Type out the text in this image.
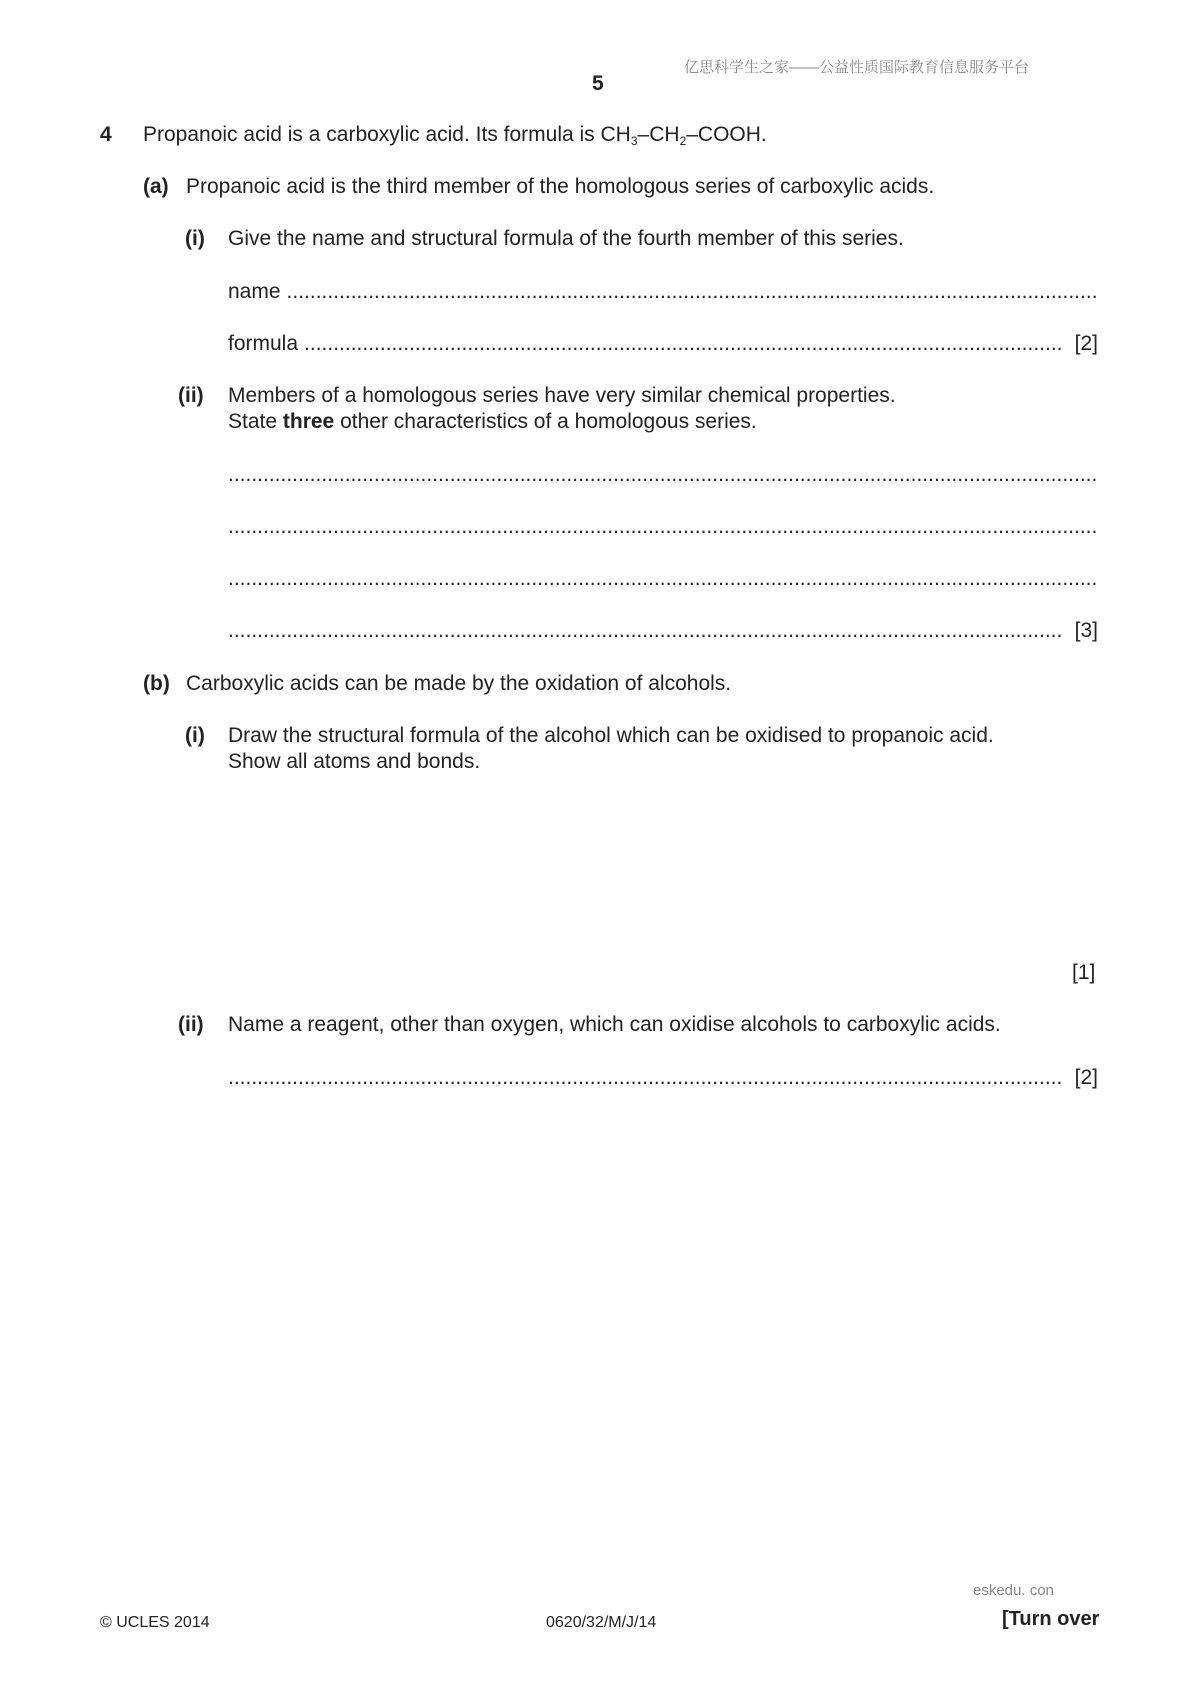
亿思科学生之家——公益性质国际教育信息服务平台
5
4 Propanoic acid is a carboxylic acid. Its formula is $CH_3-CH_2$–COOH.
(a) Propanoic acid is the third member of the homologous series of carboxylic acids.
(i) Give the name and structural formula of the fourth member of this series.
name
.....
formula
.....	[2]
(ii) Members of a homologous series have very similar chemical properties.
State three other characteristics of a homologous series.
.....
.....
.....
.....
[3]
(b) Carboxylic acids can be made by the oxidation of alcohols.
(i) Draw the structural formula of the alcohol which can be oxidised to propanoic acid.
Show all atoms and bonds.
[1]
(ii) Name a reagent, other than oxygen, which can oxidise alcohols to carboxylic acids.
.....
[2]
eskedu. con
© UCLES 2014	0620/32/M/J/14	[Turn over
